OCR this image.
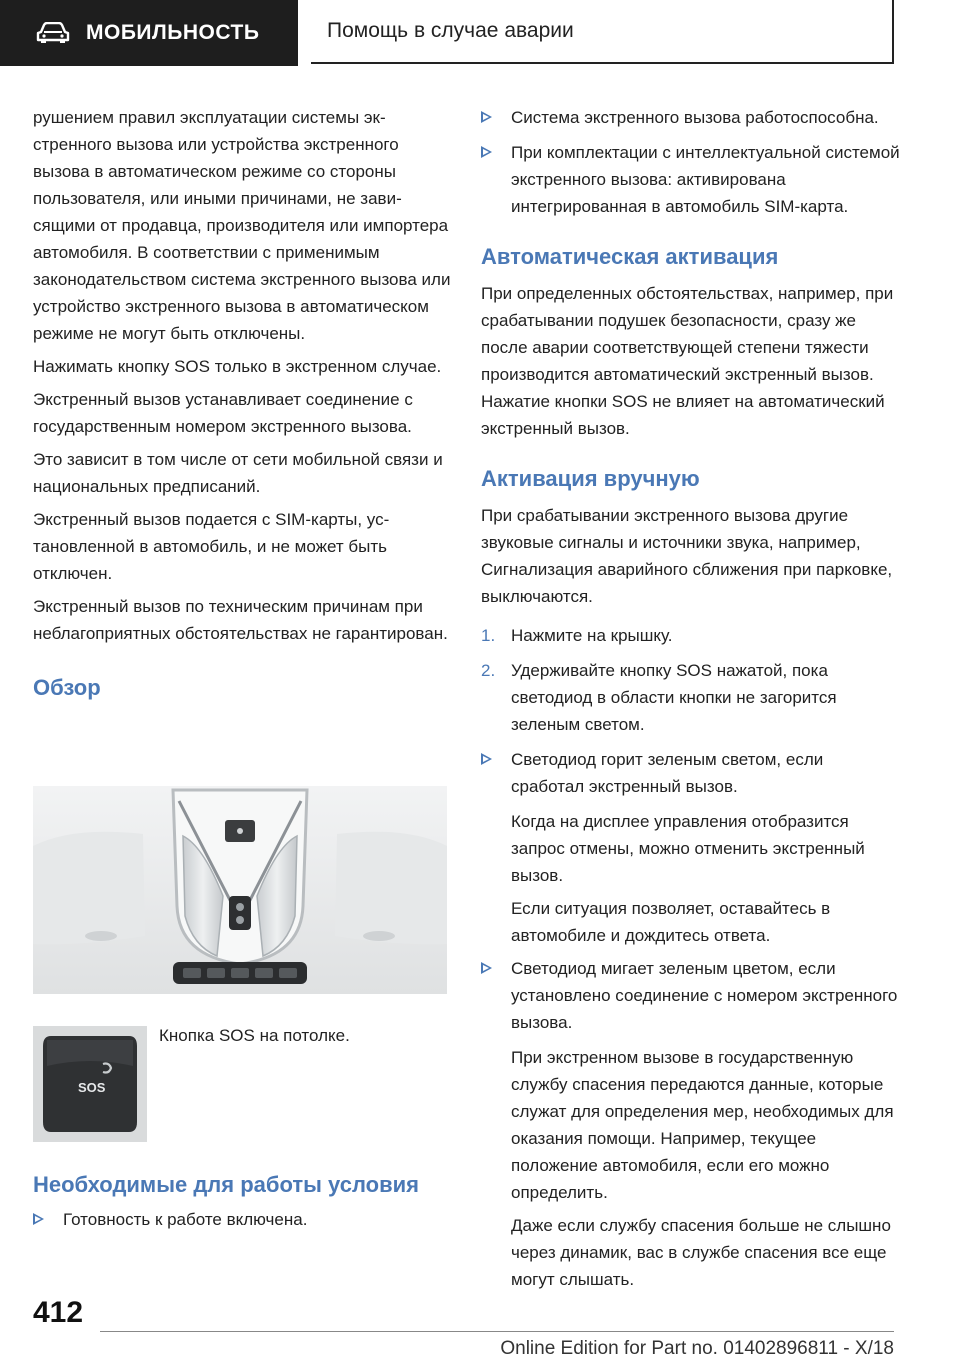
МОБИЛЬНОСТЬ	Помощь в случае аварии

рушением правил эксплуатации системы экстренного вызова или устройства экстренного вызова в автоматическом режиме со стороны пользователя, или иными причинами, не зависящими от продавца, производителя или импортера автомобиля. В соответствии с применимым законодательством система экстренного вызова или устройство экстренного вызова в автоматическом режиме не могут быть отключены.

Нажимать кнопку SOS только в экстренном случае.

Экстренный вызов устанавливает соединение с государственным номером экстренного вызова.

Это зависит в том числе от сети мобильной связи и национальных предписаний.

Экстренный вызов подается с SIM-карты, установленной в автомобиль, и не может быть отключен.

Экстренный вызов по техническим причинам при неблагоприятных обстоятельствах не гарантирован.

Обзор
SOS
Кнопка SOS на потолке.
Необходимые для работы условия
Готовность к работе включена.
Система экстренного вызова работоспособна.
При комплектации с интеллектуальной системой экстренного вызова: активирована интегрированная в автомобиль SIM-карта.
Автоматическая активация

При определенных обстоятельствах, например, при срабатывании подушек безопасности, сразу же после аварии соответствующей степени тяжести производится автоматический экстренный вызов. Нажатие кнопки SOS не влияет на автоматический экстренный вызов.

Активация вручную

При срабатывании экстренного вызова другие звуковые сигналы и источники звука, например, Сигнализация аварийного сближения при парковке, выключаются.

1. Нажмите на крышку.
2. Удерживайте кнопку SOS нажатой, пока светодиод в области кнопки не загорится зеленым светом.
Светодиод горит зеленым светом, если сработал экстренный вызов.

Когда на дисплее управления отобразится запрос отмены, можно отменить экстренный вызов.

Если ситуация позволяет, оставайтесь в автомобиле и дождитесь ответа.

Светодиод мигает зеленым цветом, если установлено соединение с номером экстренного вызова.

При экстренном вызове в государственную службу спасения передаются данные, которые служат для определения мер, необходимых для оказания помощи. Например, текущее положение автомобиля, если его можно определить.

Даже если службу спасения больше не слышно через динамик, вас в службе спасения все еще могут слышать.

412
Online Edition for Part no. 01402896811 - X/18
